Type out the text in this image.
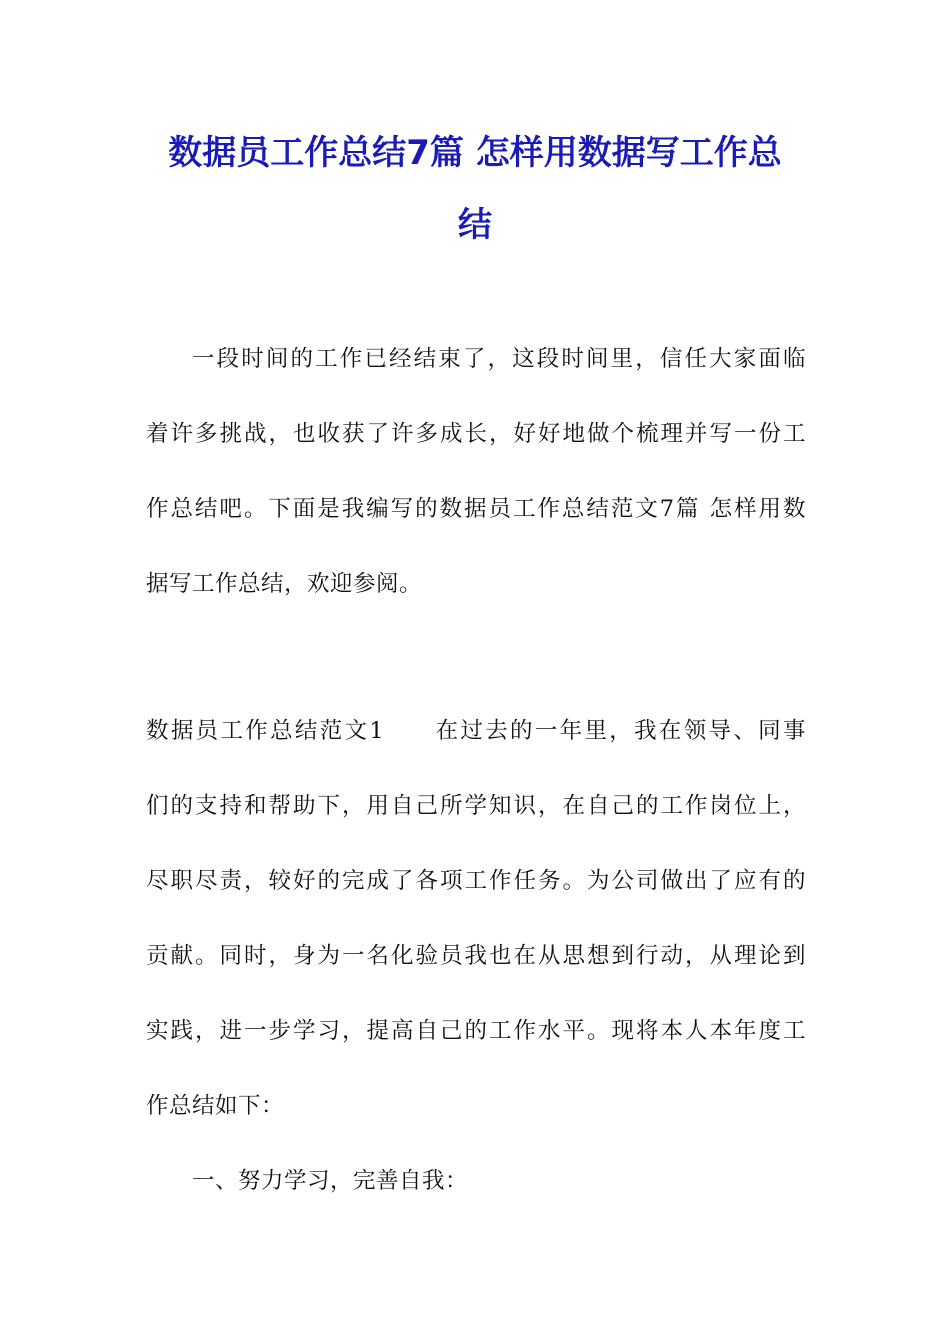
数据员工作总结7篇 怎样用数据写工作总
结
一段时间的工作已经结束了，这段时间里，信任大家面临
着许多挑战，也收获了许多成长，好好地做个梳理并写一份工
作总结吧。下面是我编写的数据员工作总结范文7篇 怎样用数
据写工作总结，欢迎参阅。
数据员工作总结范文1　　在过去的一年里，我在领导、同事
们的支持和帮助下，用自己所学知识，在自己的工作岗位上，
尽职尽责，较好的完成了各项工作任务。为公司做出了应有的
贡献。同时，身为一名化验员我也在从思想到行动，从理论到
实践，进一步学习，提高自己的工作水平。现将本人本年度工
作总结如下：
一、努力学习，完善自我：
